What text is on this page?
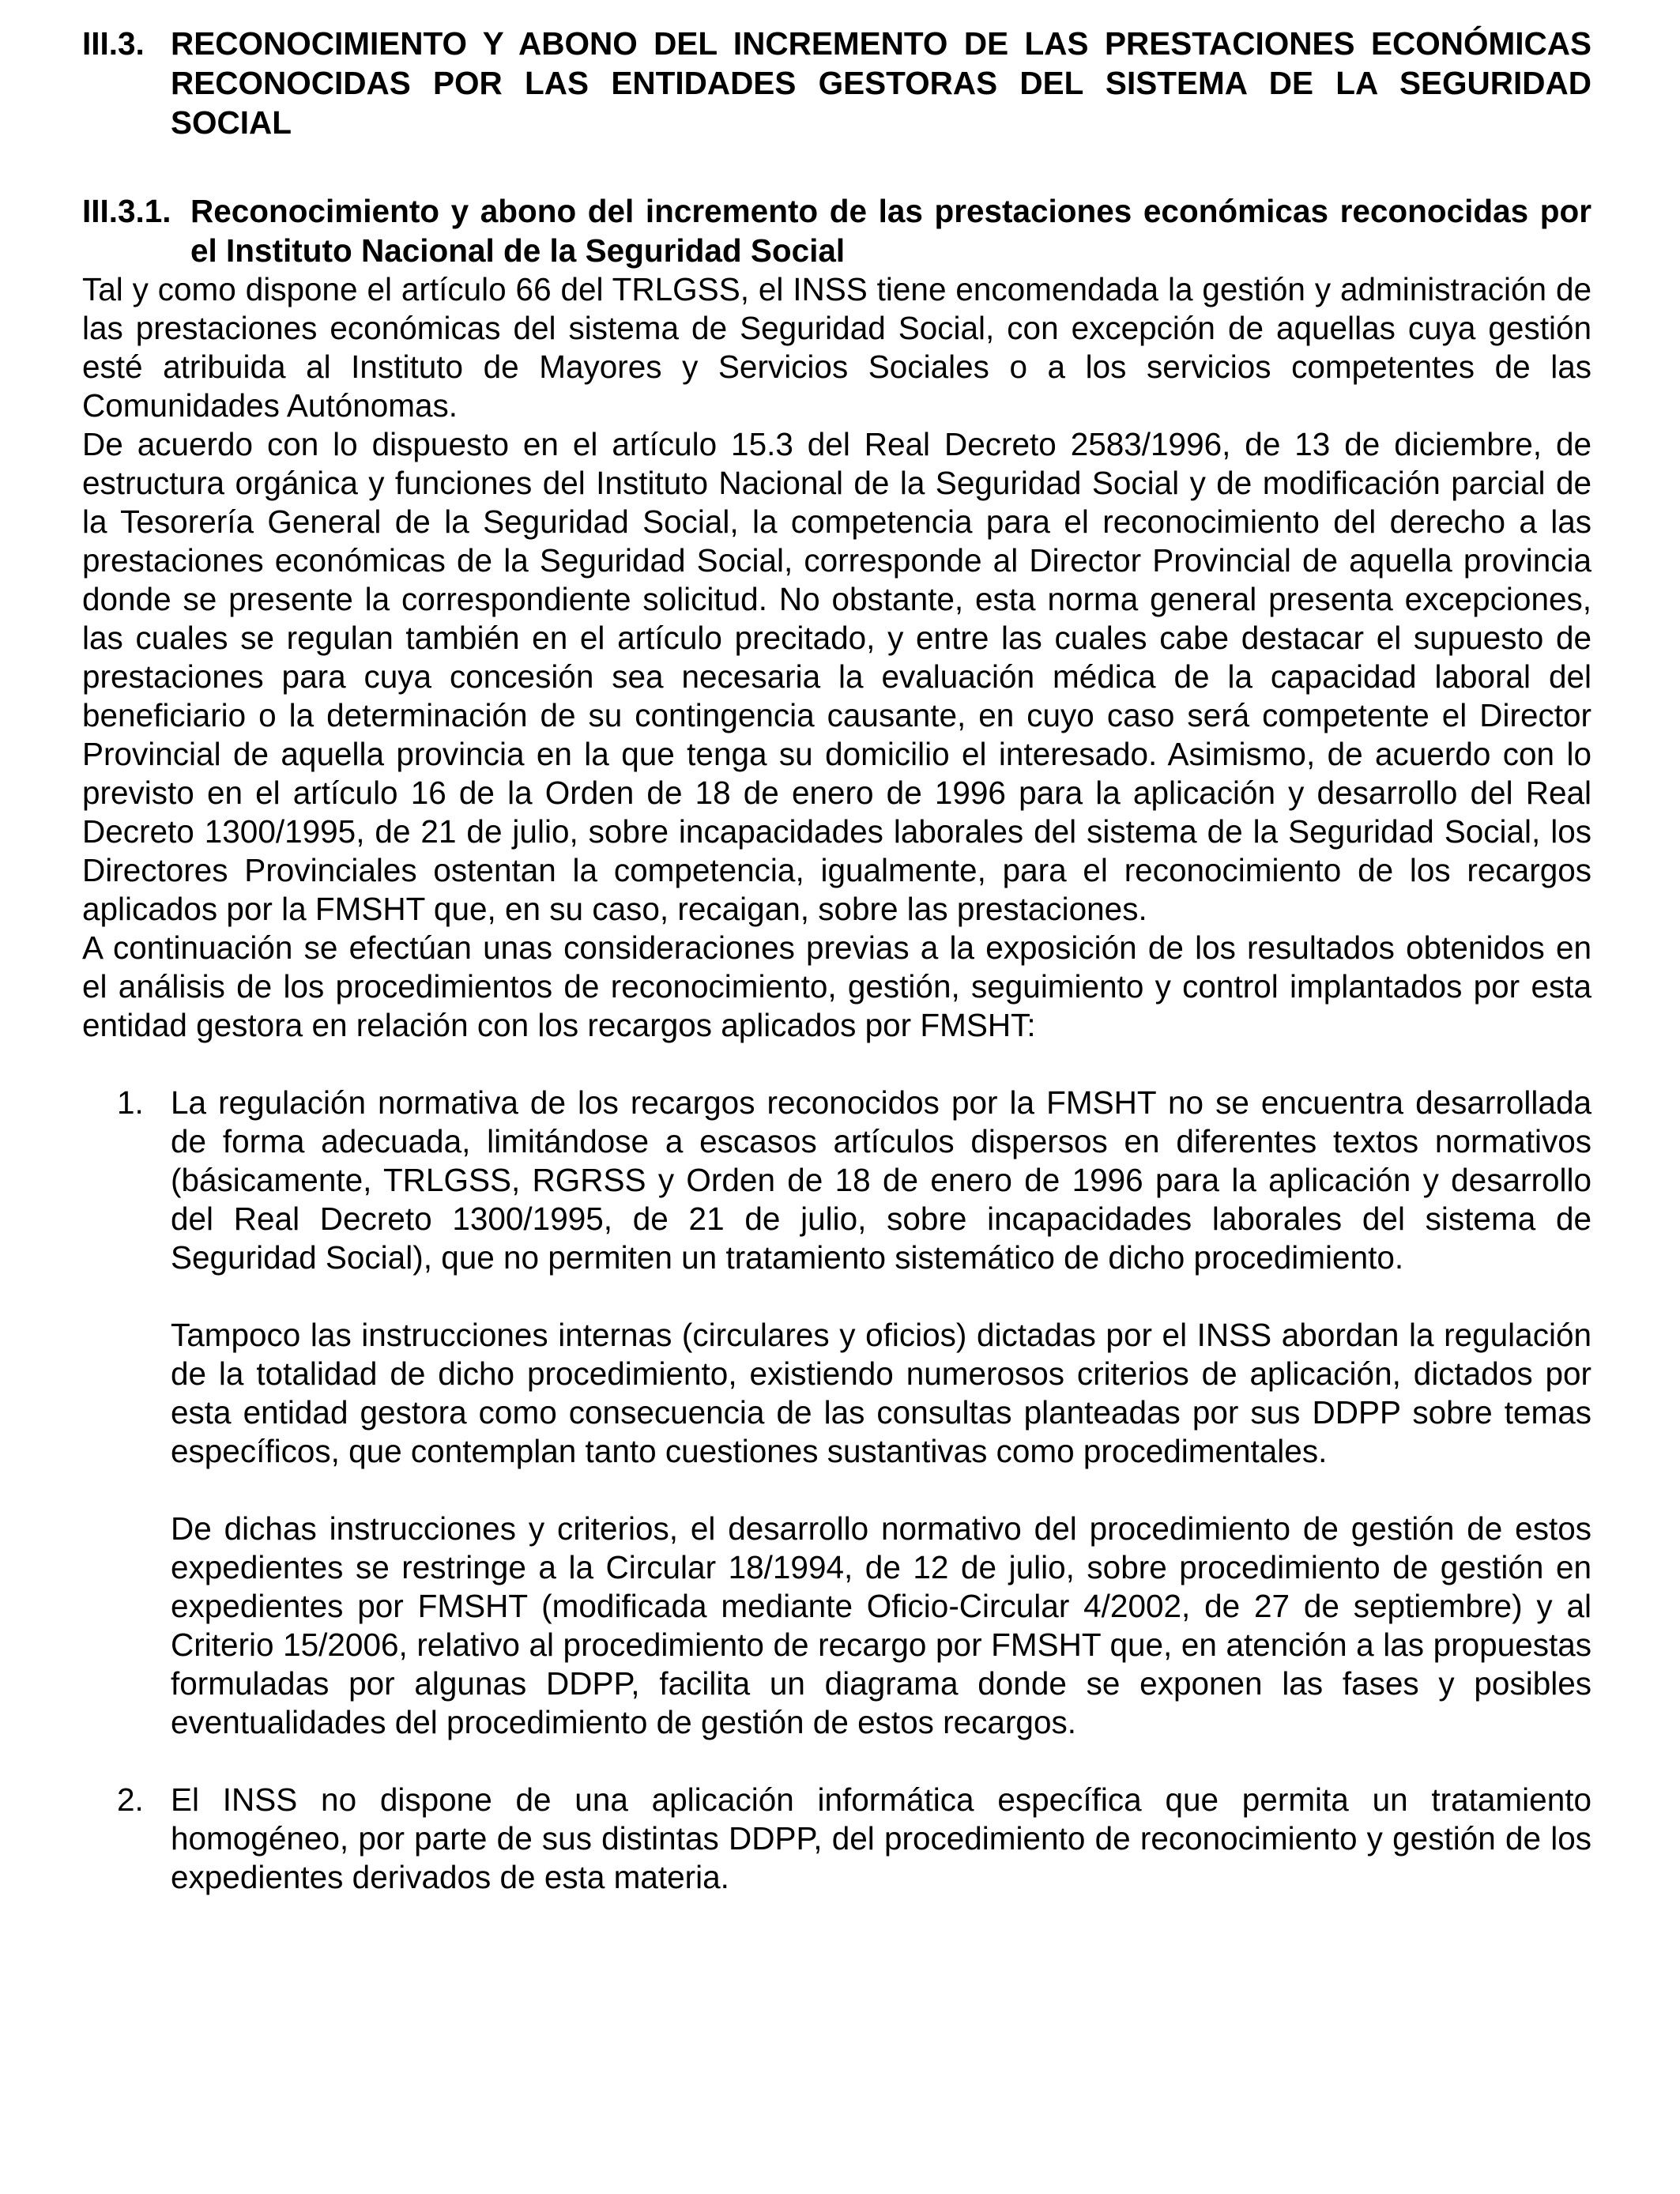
III.3. RECONOCIMIENTO Y ABONO DEL INCREMENTO DE LAS PRESTACIONES ECONÓMICAS RECONOCIDAS POR LAS ENTIDADES GESTORAS DEL SISTEMA DE LA SEGURIDAD SOCIAL
III.3.1. Reconocimiento y abono del incremento de las prestaciones económicas reconocidas por el Instituto Nacional de la Seguridad Social

Tal y como dispone el artículo 66 del TRLGSS, el INSS tiene encomendada la gestión y administración de las prestaciones económicas del sistema de Seguridad Social, con excepción de aquellas cuya gestión esté atribuida al Instituto de Mayores y Servicios Sociales o a los servicios competentes de las Comunidades Autónomas.

De acuerdo con lo dispuesto en el artículo 15.3 del Real Decreto 2583/1996, de 13 de diciembre, de estructura orgánica y funciones del Instituto Nacional de la Seguridad Social y de modificación parcial de la Tesorería General de la Seguridad Social, la competencia para el reconocimiento del derecho a las prestaciones económicas de la Seguridad Social, corresponde al Director Provincial de aquella provincia donde se presente la correspondiente solicitud. No obstante, esta norma general presenta excepciones, las cuales se regulan también en el artículo precitado, y entre las cuales cabe destacar el supuesto de prestaciones para cuya concesión sea necesaria la evaluación médica de la capacidad laboral del beneficiario o la determinación de su contingencia causante, en cuyo caso será competente el Director Provincial de aquella provincia en la que tenga su domicilio el interesado. Asimismo, de acuerdo con lo previsto en el artículo 16 de la Orden de 18 de enero de 1996 para la aplicación y desarrollo del Real Decreto 1300/1995, de 21 de julio, sobre incapacidades laborales del sistema de la Seguridad Social, los Directores Provinciales ostentan la competencia, igualmente, para el reconocimiento de los recargos aplicados por la FMSHT que, en su caso, recaigan, sobre las prestaciones.

A continuación se efectúan unas consideraciones previas a la exposición de los resultados obtenidos en el análisis de los procedimientos de reconocimiento, gestión, seguimiento y control implantados por esta entidad gestora en relación con los recargos aplicados por FMSHT:

1. La regulación normativa de los recargos reconocidos por la FMSHT no se encuentra desarrollada de forma adecuada, limitándose a escasos artículos dispersos en diferentes textos normativos (básicamente, TRLGSS, RGRSS y Orden de 18 de enero de 1996 para la aplicación y desarrollo del Real Decreto 1300/1995, de 21 de julio, sobre incapacidades laborales del sistema de Seguridad Social), que no permiten un tratamiento sistemático de dicho procedimiento.

Tampoco las instrucciones internas (circulares y oficios) dictadas por el INSS abordan la regulación de la totalidad de dicho procedimiento, existiendo numerosos criterios de aplicación, dictados por esta entidad gestora como consecuencia de las consultas planteadas por sus DDPP sobre temas específicos, que contemplan tanto cuestiones sustantivas como procedimentales.

De dichas instrucciones y criterios, el desarrollo normativo del procedimiento de gestión de estos expedientes se restringe a la Circular 18/1994, de 12 de julio, sobre procedimiento de gestión en expedientes por FMSHT (modificada mediante Oficio-Circular 4/2002, de 27 de septiembre) y al Criterio 15/2006, relativo al procedimiento de recargo por FMSHT que, en atención a las propuestas formuladas por algunas DDPP, facilita un diagrama donde se exponen las fases y posibles eventualidades del procedimiento de gestión de estos recargos.

2. El INSS no dispone de una aplicación informática específica que permita un tratamiento homogéneo, por parte de sus distintas DDPP, del procedimiento de reconocimiento y gestión de los expedientes derivados de esta materia.
